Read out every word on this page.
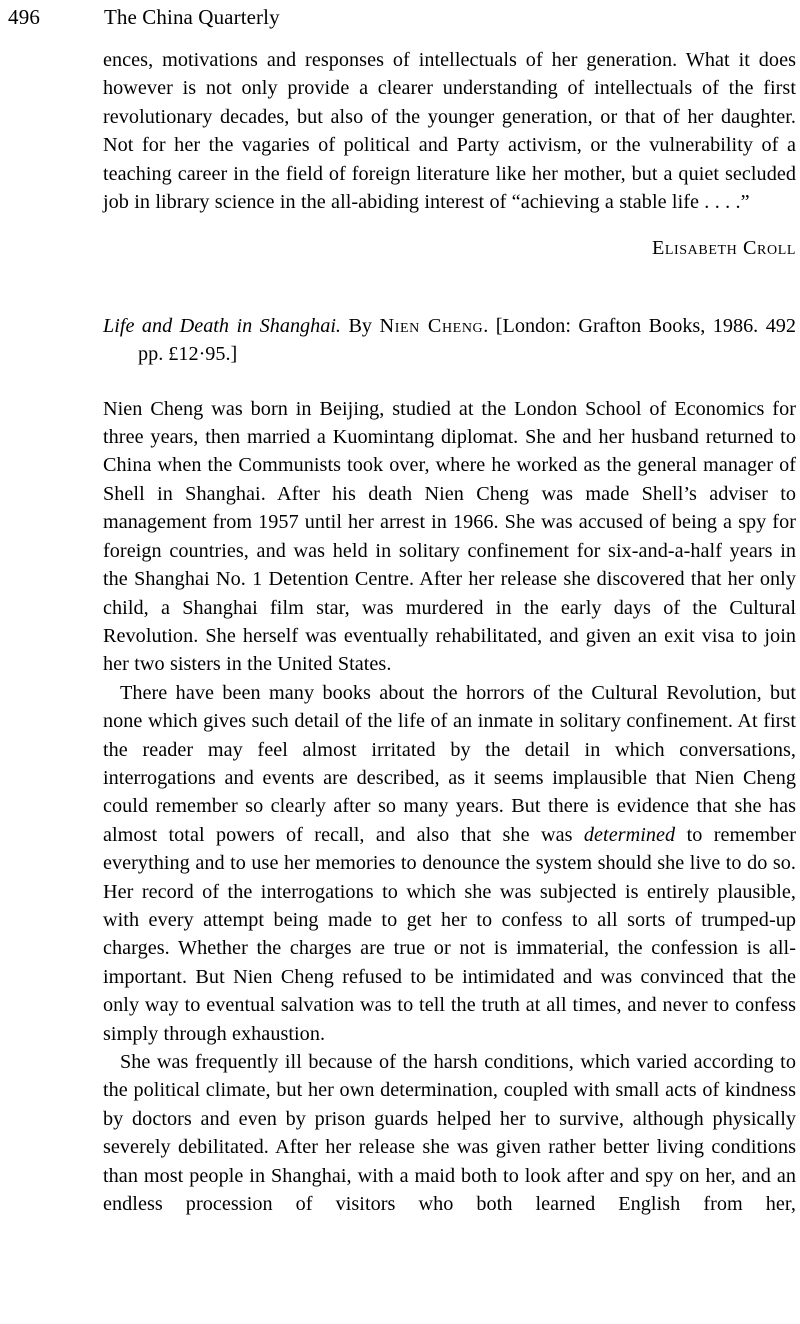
496	The China Quarterly

ences, motivations and responses of intellectuals of her generation. What it does however is not only provide a clearer understanding of intellectuals of the first revolutionary decades, but also of the younger generation, or that of her daughter. Not for her the vagaries of political and Party activism, or the vulnerability of a teaching career in the field of foreign literature like her mother, but a quiet secluded job in library science in the all-abiding interest of “achieving a stable life . . . .”

Elisabeth Croll

Life and Death in Shanghai. By Nien Cheng. [London: Grafton Books, 1986. 492 pp. £12·95.]

Nien Cheng was born in Beijing, studied at the London School of Economics for three years, then married a Kuomintang diplomat. She and her husband returned to China when the Communists took over, where he worked as the general manager of Shell in Shanghai. After his death Nien Cheng was made Shell’s adviser to management from 1957 until her arrest in 1966. She was accused of being a spy for foreign countries, and was held in solitary confinement for six-and-a-half years in the Shanghai No. 1 Detention Centre. After her release she discovered that her only child, a Shanghai film star, was murdered in the early days of the Cultural Revolution. She herself was eventually rehabilitated, and given an exit visa to join her two sisters in the United States.

There have been many books about the horrors of the Cultural Revolution, but none which gives such detail of the life of an inmate in solitary confinement. At first the reader may feel almost irritated by the detail in which conversations, interrogations and events are described, as it seems implausible that Nien Cheng could remember so clearly after so many years. But there is evidence that she has almost total powers of recall, and also that she was determined to remember everything and to use her memories to denounce the system should she live to do so. Her record of the interrogations to which she was subjected is entirely plausible, with every attempt being made to get her to confess to all sorts of trumped-up charges. Whether the charges are true or not is immaterial, the confession is all-important. But Nien Cheng refused to be intimidated and was convinced that the only way to eventual salvation was to tell the truth at all times, and never to confess simply through exhaustion.

She was frequently ill because of the harsh conditions, which varied according to the political climate, but her own determination, coupled with small acts of kindness by doctors and even by prison guards helped her to survive, although physically severely debilitated. After her release she was given rather better living conditions than most people in Shanghai, with a maid both to look after and spy on her, and an endless procession of visitors who both learned English from her,
